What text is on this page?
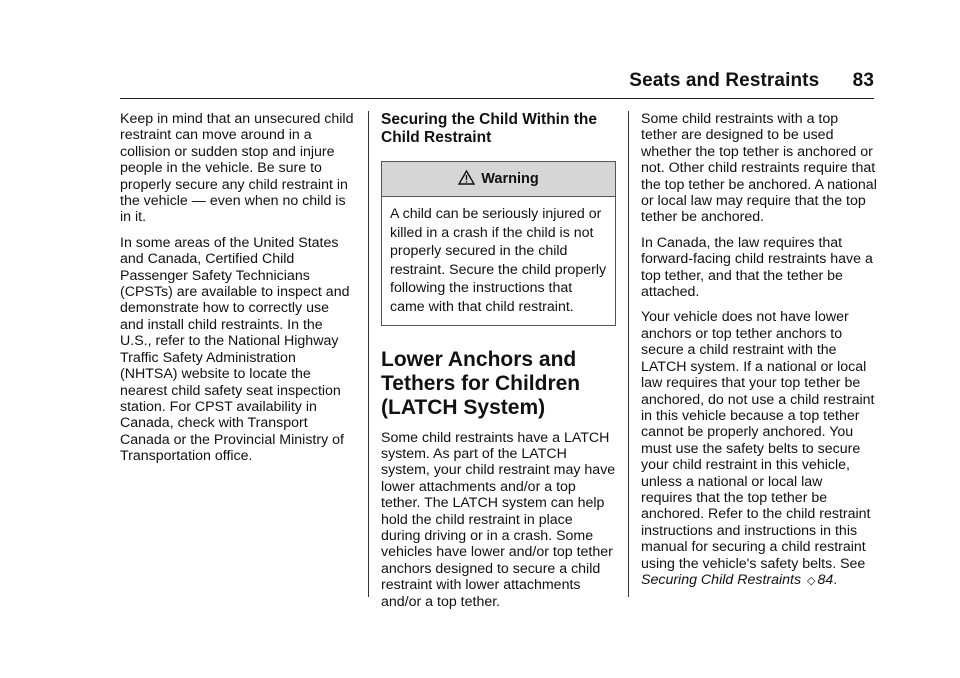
Seats and Restraints 83

Keep in mind that an unsecured child restraint can move around in a collision or sudden stop and injure people in the vehicle. Be sure to properly secure any child restraint in the vehicle — even when no child is in it.

In some areas of the United States and Canada, Certified Child Passenger Safety Technicians (CPSTs) are available to inspect and demonstrate how to correctly use and install child restraints. In the U.S., refer to the National Highway Traffic Safety Administration (NHTSA) website to locate the nearest child safety seat inspection station. For CPST availability in Canada, check with Transport Canada or the Provincial Ministry of Transportation office.

Securing the Child Within the Child Restraint
Warning
A child can be seriously injured or killed in a crash if the child is not properly secured in the child restraint. Secure the child properly following the instructions that came with that child restraint.
Lower Anchors and Tethers for Children (LATCH System)

Some child restraints have a LATCH system. As part of the LATCH system, your child restraint may have lower attachments and/or a top tether. The LATCH system can help hold the child restraint in place during driving or in a crash. Some vehicles have lower and/or top tether anchors designed to secure a child restraint with lower attachments and/or a top tether.

Some child restraints with a top tether are designed to be used whether the top tether is anchored or not. Other child restraints require that the top tether be anchored. A national or local law may require that the top tether be anchored.

In Canada, the law requires that forward-facing child restraints have a top tether, and that the tether be attached.

Your vehicle does not have lower anchors or top tether anchors to secure a child restraint with the LATCH system. If a national or local law requires that your top tether be anchored, do not use a child restraint in this vehicle because a top tether cannot be properly anchored. You must use the safety belts to secure your child restraint in this vehicle, unless a national or local law requires that the top tether be anchored. Refer to the child restraint instructions and instructions in this manual for securing a child restraint using the vehicle's safety belts. See Securing Child Restraints ◇ 84.
